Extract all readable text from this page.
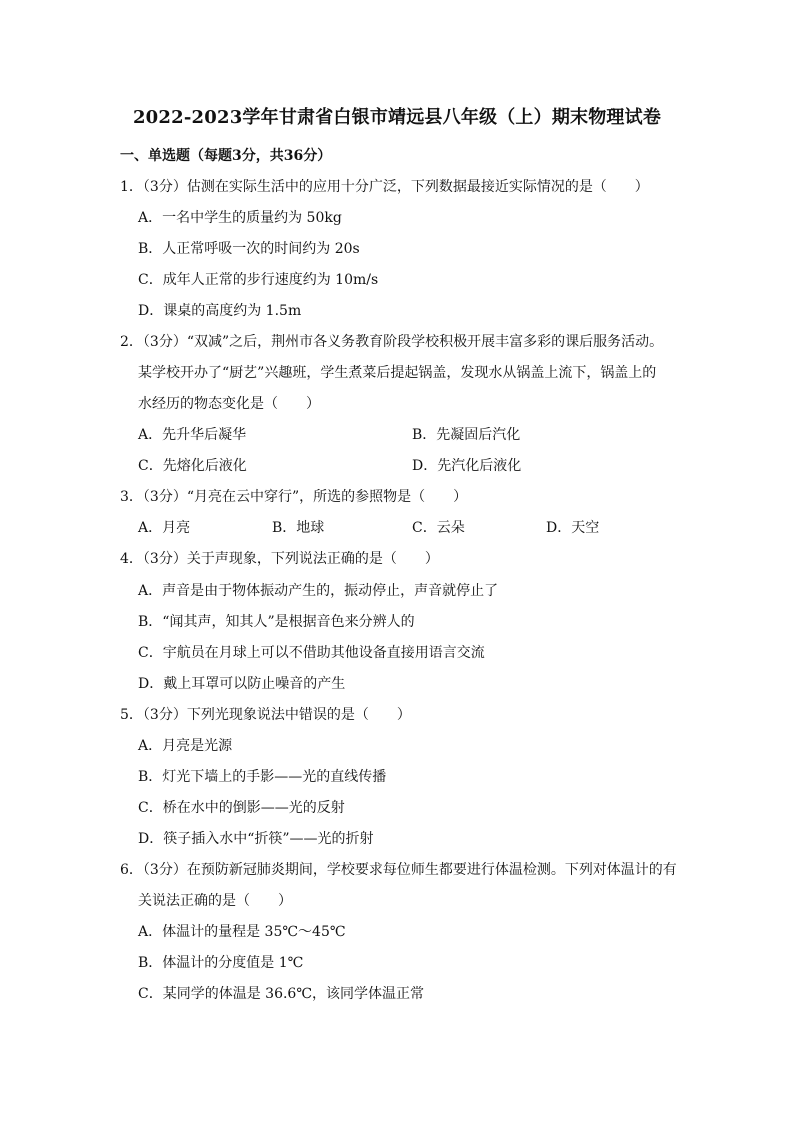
2022-2023学年甘肃省白银市靖远县八年级（上）期末物理试卷
一、单选题（每题3分，共36分）
1．（3分）估测在实际生活中的应用十分广泛，下列数据最接近实际情况的是（　　）
A．一名中学生的质量约为 50kg
B．人正常呼吸一次的时间约为 20s
C．成年人正常的步行速度约为 10m/s
D．课桌的高度约为 1.5m
2．（3分）“双减”之后，荆州市各义务教育阶段学校积极开展丰富多彩的课后服务活动。
某学校开办了“厨艺”兴趣班，学生煮菜后提起锅盖，发现水从锅盖上流下，锅盖上的
水经历的物态变化是（　　）
A．先升华后凝华	B．先凝固后汽化
C．先熔化后液化	D．先汽化后液化
3．（3分）“月亮在云中穿行”，所选的参照物是（　　）
A．月亮	B．地球	C．云朵	D．天空
4．（3分）关于声现象，下列说法正确的是（　　）
A．声音是由于物体振动产生的，振动停止，声音就停止了
B．“闻其声，知其人”是根据音色来分辨人的
C．宇航员在月球上可以不借助其他设备直接用语言交流
D．戴上耳罩可以防止噪音的产生
5．（3分）下列光现象说法中错误的是（　　）
A．月亮是光源
B．灯光下墙上的手影——光的直线传播
C．桥在水中的倒影——光的反射
D．筷子插入水中“折筷”——光的折射
6．（3分）在预防新冠肺炎期间，学校要求每位师生都要进行体温检测。下列对体温计的有
关说法正确的是（　　）
A．体温计的量程是 35℃～45℃
B．体温计的分度值是 1℃
C．某同学的体温是 36.6℃，该同学体温正常
